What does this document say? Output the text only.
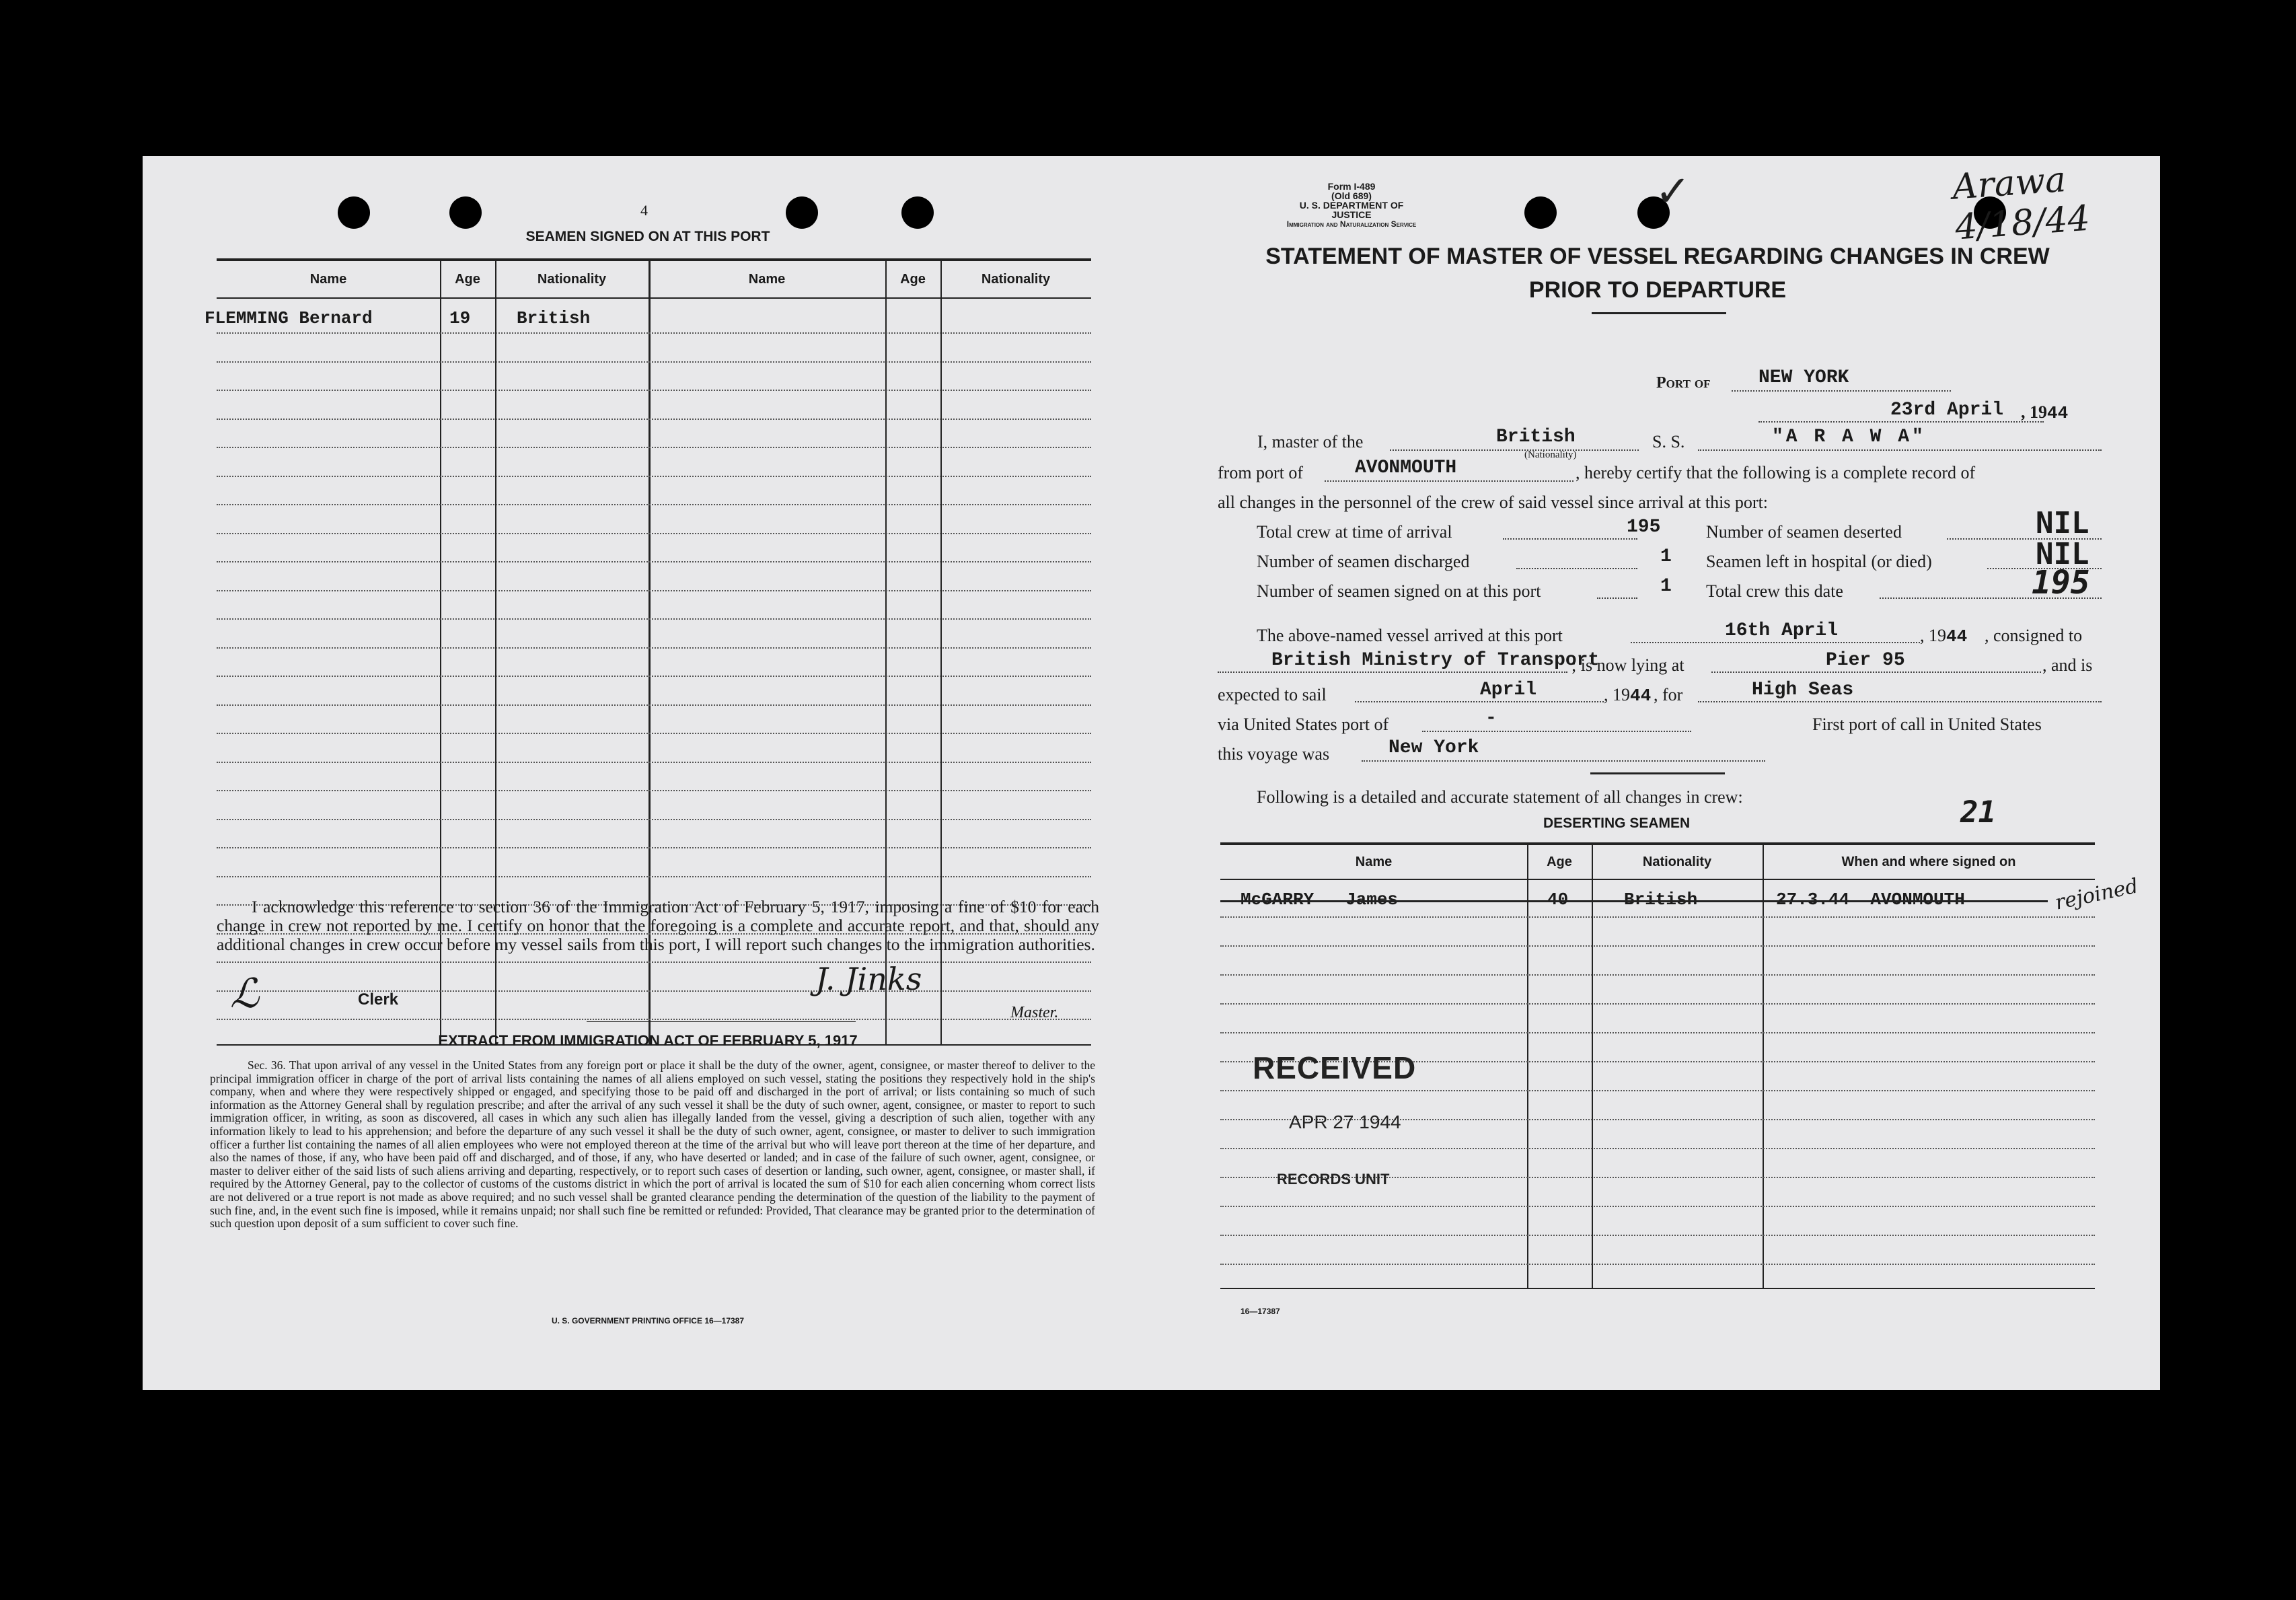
4
SEAMEN SIGNED ON AT THIS PORT
Name	Age	Nationality	Name	Age	Nationality
FLEMMING Bernard	19	British
I acknowledge this reference to section 36 of the Immigration Act of February 5, 1917, imposing a fine of $10 for each change in crew not reported by me. I certify on honor that the foregoing is a complete and accurate report, and that, should any additional changes in crew occur before my vessel sails from this port, I will report such changes to the immigration authorities.
ℒ	Clerk
J. Jinks
Master.
EXTRACT FROM IMMIGRATION ACT OF FEBRUARY 5, 1917
Sec. 36. That upon arrival of any vessel in the United States from any foreign port or place it shall be the duty of the owner, agent, consignee, or master thereof to deliver to the principal immigration officer in charge of the port of arrival lists containing the names of all aliens employed on such vessel, stating the positions they respectively hold in the ship's company, when and where they were respectively shipped or engaged, and specifying those to be paid off and discharged in the port of arrival; or lists containing so much of such information as the Attorney General shall by regulation prescribe; and after the arrival of any such vessel it shall be the duty of such owner, agent, consignee, or master to report to such immigration officer, in writing, as soon as discovered, all cases in which any such alien has illegally landed from the vessel, giving a description of such alien, together with any information likely to lead to his apprehension; and before the departure of any such vessel it shall be the duty of such owner, agent, consignee, or master to deliver to such immigration officer a further list containing the names of all alien employees who were not employed thereon at the time of the arrival but who will leave port thereon at the time of her departure, and also the names of those, if any, who have been paid off and discharged, and of those, if any, who have deserted or landed; and in case of the failure of such owner, agent, consignee, or master to deliver either of the said lists of such aliens arriving and departing, respectively, or to report such cases of desertion or landing, such owner, agent, consignee, or master shall, if required by the Attorney General, pay to the collector of customs of the customs district in which the port of arrival is located the sum of $10 for each alien concerning whom correct lists are not delivered or a true report is not made as above required; and no such vessel shall be granted clearance pending the determination of the question of the liability to the payment of such fine, and, in the event such fine is imposed, while it remains unpaid; nor shall such fine be remitted or refunded: Provided, That clearance may be granted prior to the determination of such question upon deposit of a sum sufficient to cover such fine.
U. S. GOVERNMENT PRINTING OFFICE 16—17387
Form I-489
(Old 689)
U. S. DEPARTMENT OF JUSTICE
Immigration and Naturalization Service
✓	Arawa 4/18/44
STATEMENT OF MASTER OF VESSEL REGARDING CHANGES IN CREW
PRIOR TO DEPARTURE
Port of	NEW YORK
23rd April , 1944
I, master of the	British
(Nationality)
S. S.	"A R A W A"
from port of	AVONMOUTH	, hereby certify that the following is a complete record of
all changes in the personnel of the crew of said vessel since arrival at this port:
Total crew at time of arrival	195
Number of seamen discharged	1
Number of seamen signed on at this port	1
Number of seamen deserted	NIL
Seamen left in hospital (or died)	NIL
Total crew this date	195
The above-named vessel arrived at this port	16th April	, 1944 , consigned to
British Ministry of Transport
; is now lying at	Pier 95	, and is
expected to sail	April	, 1944 , for	High Seas
via United States port of	-	First port of call in United States
this voyage was	New York
Following is a detailed and accurate statement of all changes in crew:	21
DESERTING SEAMEN
Name	Age	Nationality	When and where signed on
McGARRY   James	40	British	27.3.44  AVONMOUTH	rejoined
RECEIVED
APR 27 1944
RECORDS UNIT
16—17387
